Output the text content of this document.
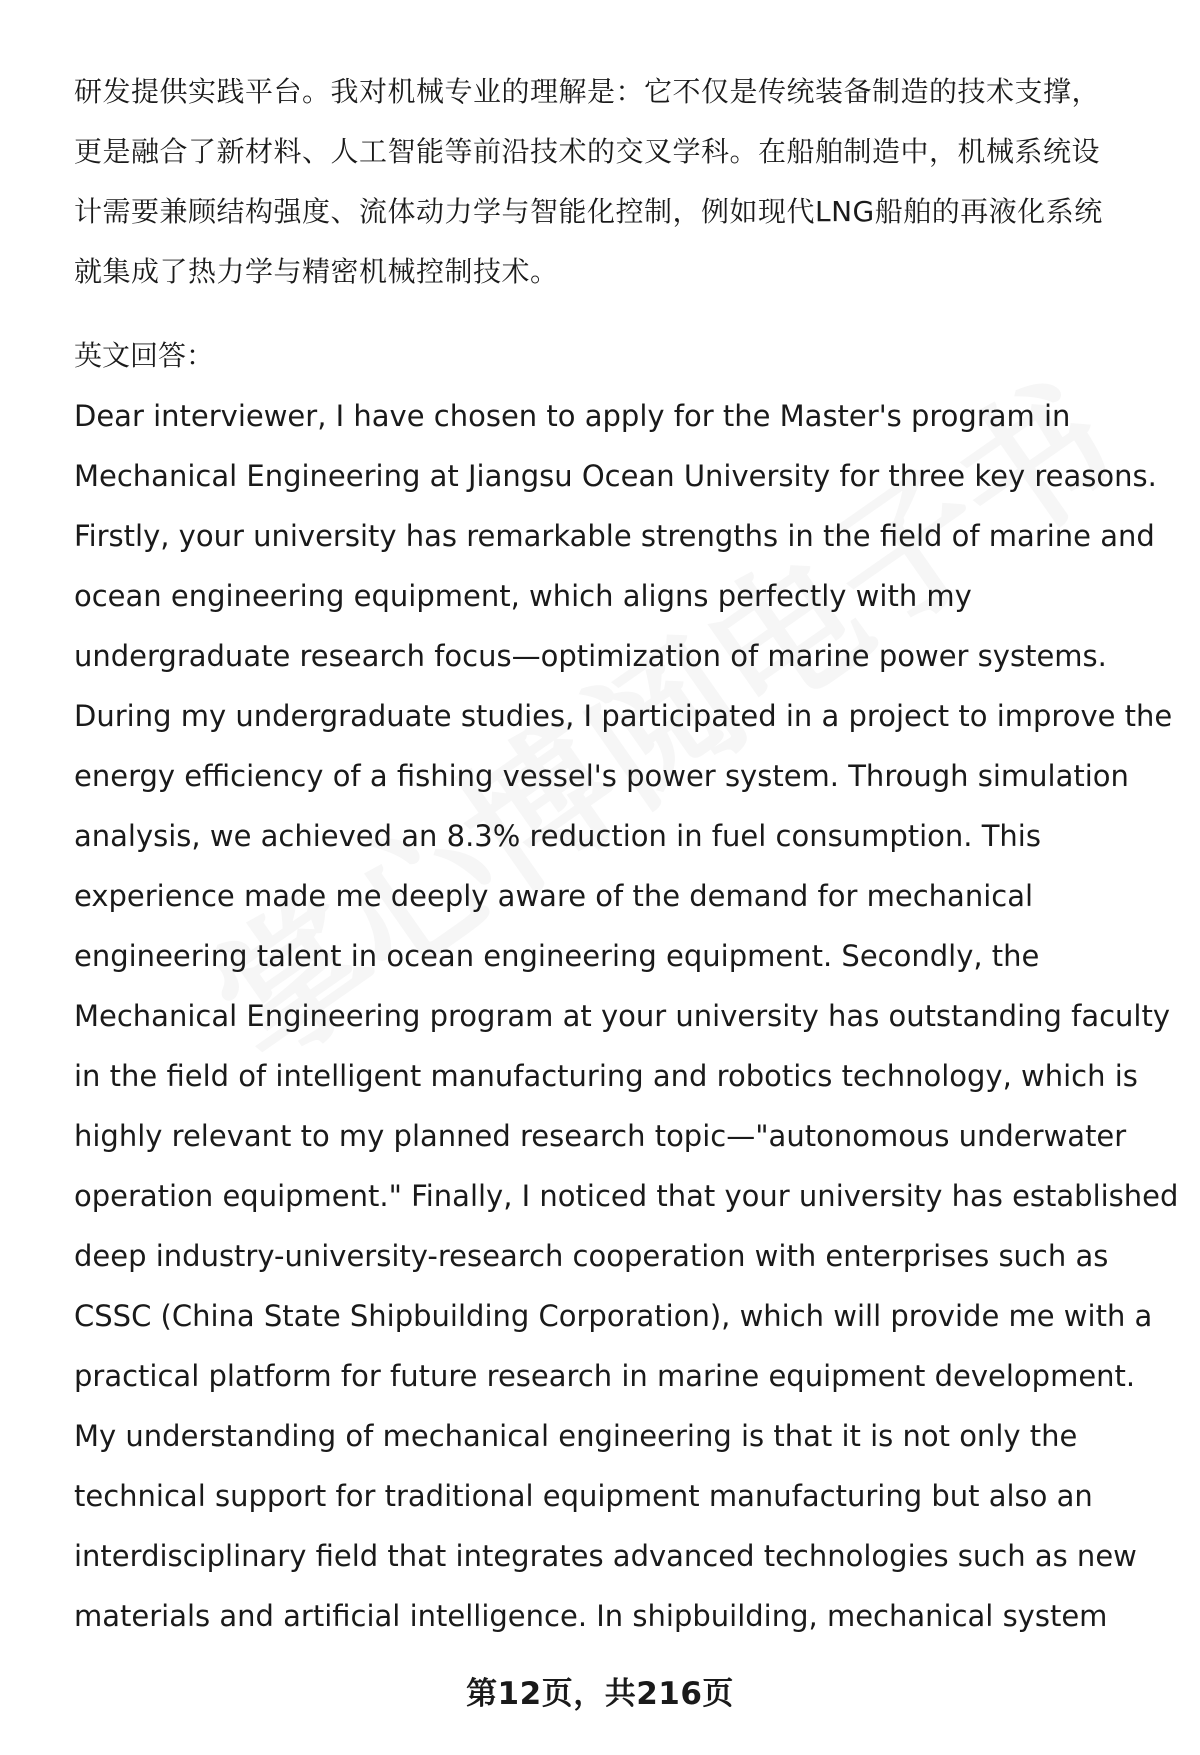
研发提供实践平台。我对机械专业的理解是：它不仅是传统装备制造的技术支撑，
更是融合了新材料、人工智能等前沿技术的交叉学科。在船舶制造中，机械系统设
计需要兼顾结构强度、流体动力学与智能化控制，例如现代LNG船舶的再液化系统
就集成了热力学与精密机械控制技术。

英文回答：

Dear interviewer, I have chosen to apply for the Master's program in
Mechanical Engineering at Jiangsu Ocean University for three key reasons.
Firstly, your university has remarkable strengths in the field of marine and
ocean engineering equipment, which aligns perfectly with my
undergraduate research focus—optimization of marine power systems.
During my undergraduate studies, I participated in a project to improve the
energy efficiency of a fishing vessel's power system. Through simulation
analysis, we achieved an 8.3% reduction in fuel consumption. This
experience made me deeply aware of the demand for mechanical
engineering talent in ocean engineering equipment. Secondly, the
Mechanical Engineering program at your university has outstanding faculty
in the field of intelligent manufacturing and robotics technology, which is
highly relevant to my planned research topic—"autonomous underwater
operation equipment." Finally, I noticed that your university has established
deep industry-university-research cooperation with enterprises such as
CSSC (China State Shipbuilding Corporation), which will provide me with a
practical platform for future research in marine equipment development.
My understanding of mechanical engineering is that it is not only the
technical support for traditional equipment manufacturing but also an
interdisciplinary field that integrates advanced technologies such as new
materials and artificial intelligence. In shipbuilding, mechanical system

第12页，共216页
